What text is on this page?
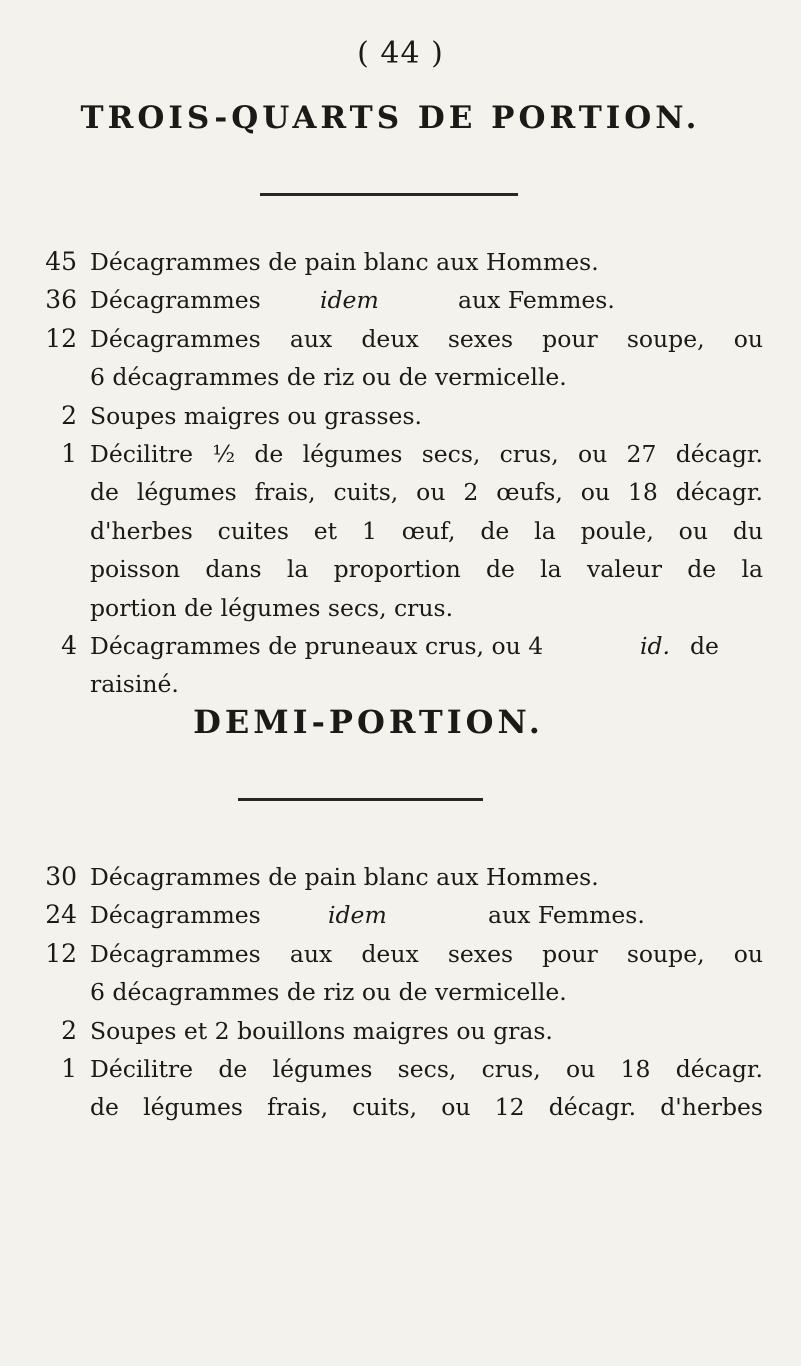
( 44 )
TROIS-QUARTS DE PORTION.
45 Décagrammes de pain blanc aux Hommes.
36 Décagrammes	idem	aux Femmes.
12 Décagrammes aux deux sexes pour soupe, ou
6 décagrammes de riz ou de vermicelle.
2 Soupes maigres ou grasses.
1 Décilitre ½ de légumes secs, crus, ou 27 décagr.
de légumes frais, cuits, ou 2 œufs, ou 18 décagr.
d'herbes cuites et 1 œuf, de la poule, ou du
poisson dans la proportion de la valeur de la
portion de légumes secs, crus.
4 Décagrammes de pruneaux crus, ou 4	id. de
raisiné.
DEMI-PORTION.
30 Décagrammes de pain blanc aux Hommes.
24 Décagrammes	idem	aux Femmes.
12 Décagrammes aux deux sexes pour soupe, ou
6 décagrammes de riz ou de vermicelle.
2 Soupes et 2 bouillons maigres ou gras.
1 Décilitre de légumes secs, crus, ou 18 décagr.
de légumes frais, cuits, ou 12 décagr. d'herbes
